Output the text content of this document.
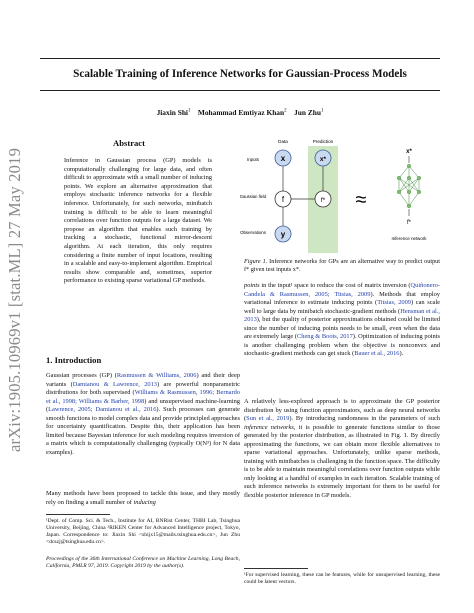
arXiv:1905.10969v1 [stat.ML] 27 May 2019
Scalable Training of Inference Networks for Gaussian-Process Models
Jiaxin Shi$^1$ Mohammad Emtiyaz Khan$^2$ Jun Zhu$^1$
Abstract
Inference in Gaussian process (GP) models is computationally challenging for large data, and often difficult to approximate with a small number of inducing points. We explore an alternative approximation that employs stochastic inference networks for a flexible inference. Unfortunately, for such networks, minibatch training is difficult to be able to learn meaningful correlations over function outputs for a large dataset. We propose an algorithm that enables such training by tracking a stochastic, functional mirror-descent algorithm. At each iteration, this only requires considering a finite number of input locations, resulting in a scalable and easy-to-implement algorithm. Empirical results show comparable and, sometimes, superior performance to existing sparse variational GP methods.
1. Introduction
Gaussian processes (GP) (Rasmussen & Williams, 2006) and their deep variants (Damianou & Lawrence, 2013) are powerful nonparametric distributions for both supervised (Williams & Rasmussen, 1996; Bernardo et al., 1998; Williams & Barber, 1998) and unsupervised machine-learning (Lawrence, 2005; Damianou et al., 2016). Such processes can generate smooth functions to model complex data and provide principled approaches for uncertainty quantification. Despite this, their application has been limited because Bayesian inference for such modeling requires inversion of a matrix which is computationally challenging (typically O(N³) for N data examples).
Many methods have been proposed to tackle this issue, and they mostly rely on finding a small number of inducing
¹Dept. of Comp. Sci. & Tech., Institute for AI, BNRist Center, THBI Lab, Tsinghua University, Beijing, China ²RIKEN Center for Advanced Intelligence project, Tokyo, Japan. Correspondence to: Jiaxin Shi <shijx15@mails.tsinghua.edu.cn>, Jun Zhu <dcszj@tsinghua.edu.cn>.
Proceedings of the 36th International Conference on Machine Learning, Long Beach, California, PMLR 97, 2019. Copyright 2019 by the author(s).
Data	Prediction
Inputs
Gaussian field
Observations
x	x*
f	f*
y
≈
x*
f*
Inference network
Figure 1. Inference networks for GPs are an alternative way to predict output f* given test inputs x*.
points in the input¹ space to reduce the cost of matrix inversion (Quiñonero-Candela & Rasmussen, 2005; Titsias, 2009). Methods that employ variational inference to estimate inducing points (Titsias, 2009) can scale well to large data by minibatch stochastic-gradient methods (Hensman et al., 2013), but the quality of posterior approximations obtained could be limited since the number of inducing points needs to be small, even when the data are extremely large (Cheng & Boots, 2017). Optimization of inducing points is another challenging problem when the objective is nonconvex and stochastic-gradient methods can get stuck (Bauer et al., 2016).
A relatively less-explored approach is to approximate the GP posterior distribution by using function approximators, such as deep neural networks (Sun et al., 2019). By introducing randomness in the parameters of such inference networks, it is possible to generate functions similar to those generated by the posterior distribution, as illustrated in Fig. 1. By directly approximating the functions, we can obtain more flexible alternatives to sparse variational approaches. Unfortunately, unlike sparse methods, training with minibatches is challenging in the function space. The difficulty is to be able to maintain meaningful correlations over function outputs while only looking at a handful of examples in each iteration. Scalable training of such inference networks is extremely important for them to be useful for flexible posterior inference in GP models.
¹For supervised learning, these can be features, while for unsupervised learning, these could be latent vectors.
